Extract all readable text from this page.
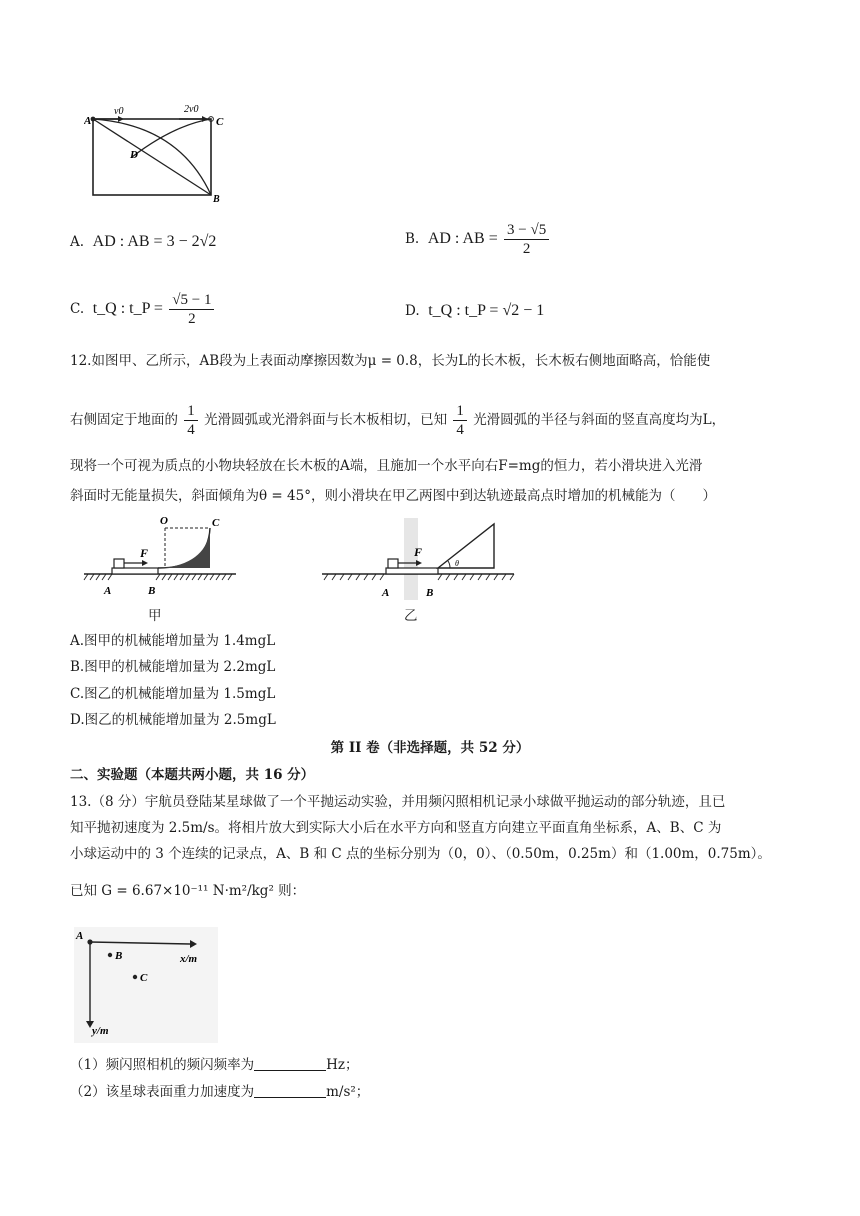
A
v0	2v0
C
D
B
A. AD : AB = 3 − 2√2	B. AD : AB = $\frac{3 - √5}{2}$
C. t_Q : t_P = $\frac{√5 - 1}{2}$	D. t_Q : t_P = √2 − 1
12.如图甲、乙所示，AB段为上表面动摩擦因数为μ = 0.8，长为L的长木板，长木板右侧地面略高，恰能使
右侧固定于地面的 $\frac{1}{4}$ 光滑圆弧或光滑斜面与长木板相切，已知 $\frac{1}{4}$ 光滑圆弧的半径与斜面的竖直高度均为L，
现将一个可视为质点的小物块轻放在长木板的A端，且施加一个水平向右F=mg的恒力，若小滑块进入光滑
斜面时无能量损失，斜面倾角为θ = 45°，则小滑块在甲乙两图中到达轨迹最高点时增加的机械能为（　　）
O	C
F
A	B
甲
θ
F
A	B
乙
A.图甲的机械能增加量为 1.4mgL
B.图甲的机械能增加量为 2.2mgL
C.图乙的机械能增加量为 1.5mgL
D.图乙的机械能增加量为 2.5mgL
第 II 卷（非选择题，共 52 分）
二、实验题（本题共两小题，共 16 分）
13.（8 分）宇航员登陆某星球做了一个平抛运动实验，并用频闪照相机记录小球做平抛运动的部分轨迹，且已
知平抛初速度为 2.5m/s。将相片放大到实际大小后在水平方向和竖直方向建立平面直角坐标系，A、B、C 为
小球运动中的 3 个连续的记录点，A、B 和 C 点的坐标分别为（0，0）、（0.50m，0.25m）和（1.00m，0.75m）。
已知 G = 6.67×10⁻¹¹ N·m²/kg² 则：
A
B
C
x/m
y/m
（1）频闪照相机的频闪频率为	Hz；
（2）该星球表面重力加速度为	m/s²；
